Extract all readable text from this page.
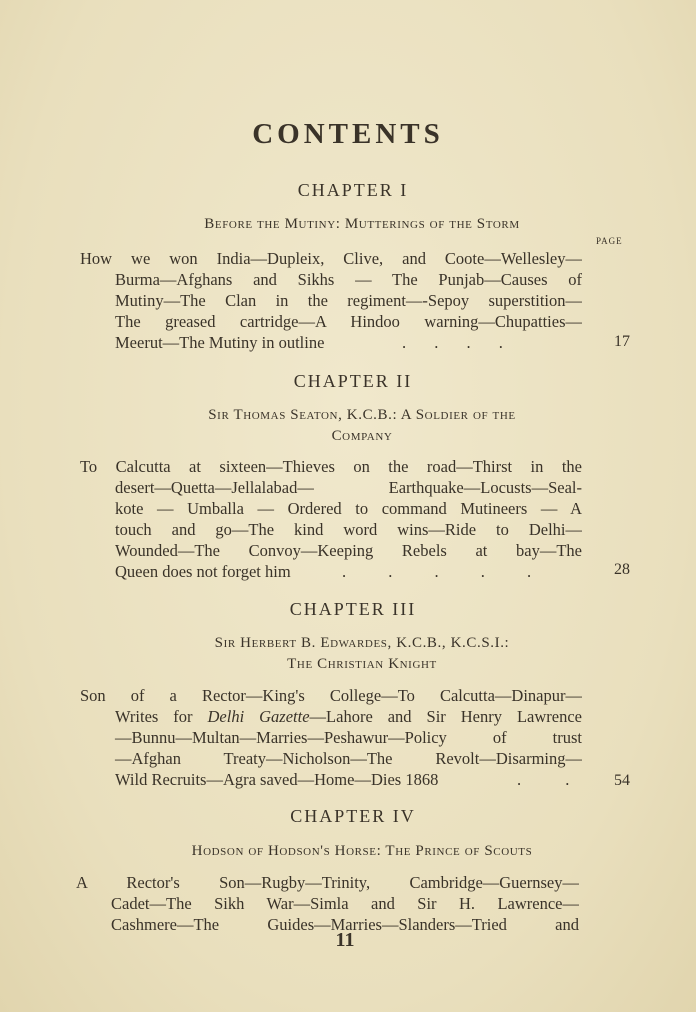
CONTENTS
CHAPTER I
Before the Mutiny: Mutterings of the Storm
PAGE
How we won India—Dupleix, Clive, and Coote—Wellesley—
Burma—Afghans and Sikhs — The Punjab—Causes of
Mutiny—The Clan in the regiment—-Sepoy superstition—
The greased cartridge—A Hindoo warning—Chupatties—
Meerut—The Mutiny in outline	. . . .	17
CHAPTER II
Sir Thomas Seaton, K.C.B.: A Soldier of the
Company
To Calcutta at sixteen—Thieves on the road—Thirst in the
desert—Quetta—Jellalabad— Earthquake—Locusts—Seal-
kote — Umballa — Ordered to command Mutineers — A
touch and go—The kind word wins—Ride to Delhi—
Wounded—The Convoy—Keeping Rebels at bay—The
Queen does not forget him	. . . . .	28
CHAPTER III
Sir Herbert B. Edwardes, K.C.B., K.C.S.I.:
The Christian Knight
Son of a Rector—King's College—To Calcutta—Dinapur—
Writes for Delhi Gazette—Lahore and Sir Henry Lawrence
—Bunnu—Multan—Marries—Peshawur—Policy of trust
—Afghan Treaty—Nicholson—The Revolt—Disarming—
Wild Recruits—Agra saved—Home—Dies 1868	. .	54
CHAPTER IV
Hodson of Hodson's Horse: The Prince of Scouts
A Rector's Son—Rugby—Trinity, Cambridge—Guernsey—
Cadet—The Sikh War—Simla and Sir H. Lawrence—
Cashmere—The Guides—Marries—Slanders—Tried and
11
